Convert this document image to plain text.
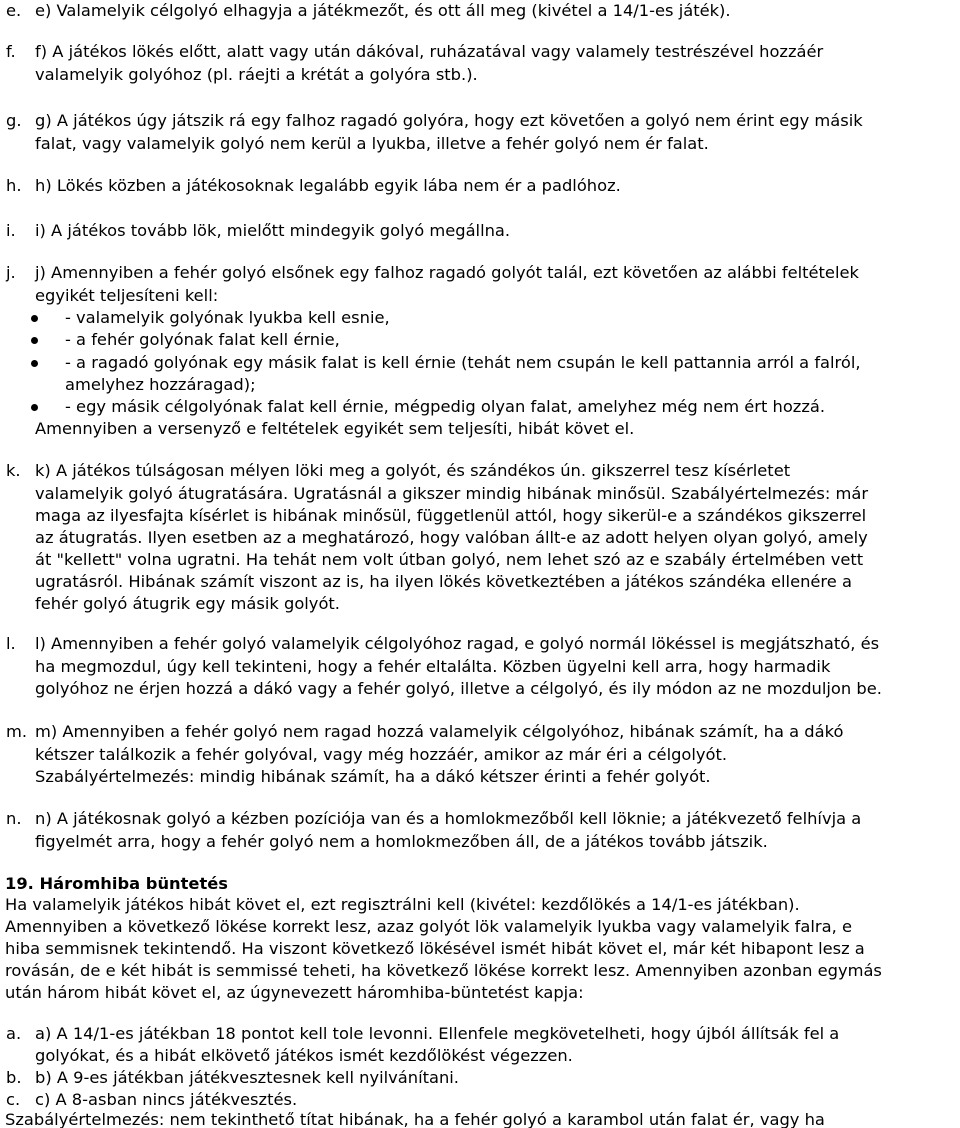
e. e) Valamelyik célgolyó elhagyja a játékmezőt, és ott áll meg (kivétel a 14/1-es játék).
f. f) A játékos lökés előtt, alatt vagy után dákóval, ruházatával vagy valamely testrészével hozzáér
valamelyik golyóhoz (pl. ráejti a krétát a golyóra stb.).
g. g) A játékos úgy játszik rá egy falhoz ragadó golyóra, hogy ezt követően a golyó nem érint egy másik
falat, vagy valamelyik golyó nem kerül a lyukba, illetve a fehér golyó nem ér falat.
h. h) Lökés közben a játékosoknak legalább egyik lába nem ér a padlóhoz.
i. i) A játékos tovább lök, mielőtt mindegyik golyó megállna.
j. j) Amennyiben a fehér golyó elsőnek egy falhoz ragadó golyót talál, ezt követően az alábbi feltételek
egyikét teljesíteni kell:
- valamelyik golyónak lyukba kell esnie,
- a fehér golyónak falat kell érnie,
- a ragadó golyónak egy másik falat is kell érnie (tehát nem csupán le kell pattannia arról a falról,
amelyhez hozzáragad);
- egy másik célgolyónak falat kell érnie, mégpedig olyan falat, amelyhez még nem ért hozzá.
Amennyiben a versenyző e feltételek egyikét sem teljesíti, hibát követ el.
k. k) A játékos túlságosan mélyen löki meg a golyót, és szándékos ún. gikszerrel tesz kísérletet
valamelyik golyó átugratására. Ugratásnál a gikszer mindig hibának minősül. Szabályértelmezés: már
maga az ilyesfajta kísérlet is hibának minősül, függetlenül attól, hogy sikerül-e a szándékos gikszerrel
az átugratás. Ilyen esetben az a meghatározó, hogy valóban állt-e az adott helyen olyan golyó, amely
át "kellett" volna ugratni. Ha tehát nem volt útban golyó, nem lehet szó az e szabály értelmében vett
ugratásról. Hibának számít viszont az is, ha ilyen lökés következtében a játékos szándéka ellenére a
fehér golyó átugrik egy másik golyót.
l. l) Amennyiben a fehér golyó valamelyik célgolyóhoz ragad, e golyó normál lökéssel is megjátszható, és
ha megmozdul, úgy kell tekinteni, hogy a fehér eltalálta. Közben ügyelni kell arra, hogy harmadik
golyóhoz ne érjen hozzá a dákó vagy a fehér golyó, illetve a célgolyó, és ily módon az ne mozduljon be.
m. m) Amennyiben a fehér golyó nem ragad hozzá valamelyik célgolyóhoz, hibának számít, ha a dákó
kétszer találkozik a fehér golyóval, vagy még hozzáér, amikor az már éri a célgolyót.
Szabályértelmezés: mindig hibának számít, ha a dákó kétszer érinti a fehér golyót.
n. n) A játékosnak golyó a kézben pozíciója van és a homlokmezőből kell löknie; a játékvezető felhívja a
figyelmét arra, hogy a fehér golyó nem a homlokmezőben áll, de a játékos tovább játszik.
19. Háromhiba büntetés
Ha valamelyik játékos hibát követ el, ezt regisztrálni kell (kivétel: kezdőlökés a 14/1-es játékban).
Amennyiben a következő lökése korrekt lesz, azaz golyót lök valamelyik lyukba vagy valamelyik falra, e
hiba semmisnek tekintendő. Ha viszont következő lökésével ismét hibát követ el, már két hibapont lesz a
rovásán, de e két hibát is semmissé teheti, ha következő lökése korrekt lesz. Amennyiben azonban egymás
után három hibát követ el, az úgynevezett háromhiba-büntetést kapja:
a. a) A 14/1-es játékban 18 pontot kell tole levonni. Ellenfele megkövetelheti, hogy újból állítsák fel a
golyókat, és a hibát elkövető játékos ismét kezdőlökést végezzen.
b. b) A 9-es játékban játékvesztesnek kell nyilvánítani.
c. c) A 8-asban nincs játékvesztés.
Szabályértelmezés: nem tekinthető títat hibának, ha a fehér golyó a karambol után falat ér, vagy ha
